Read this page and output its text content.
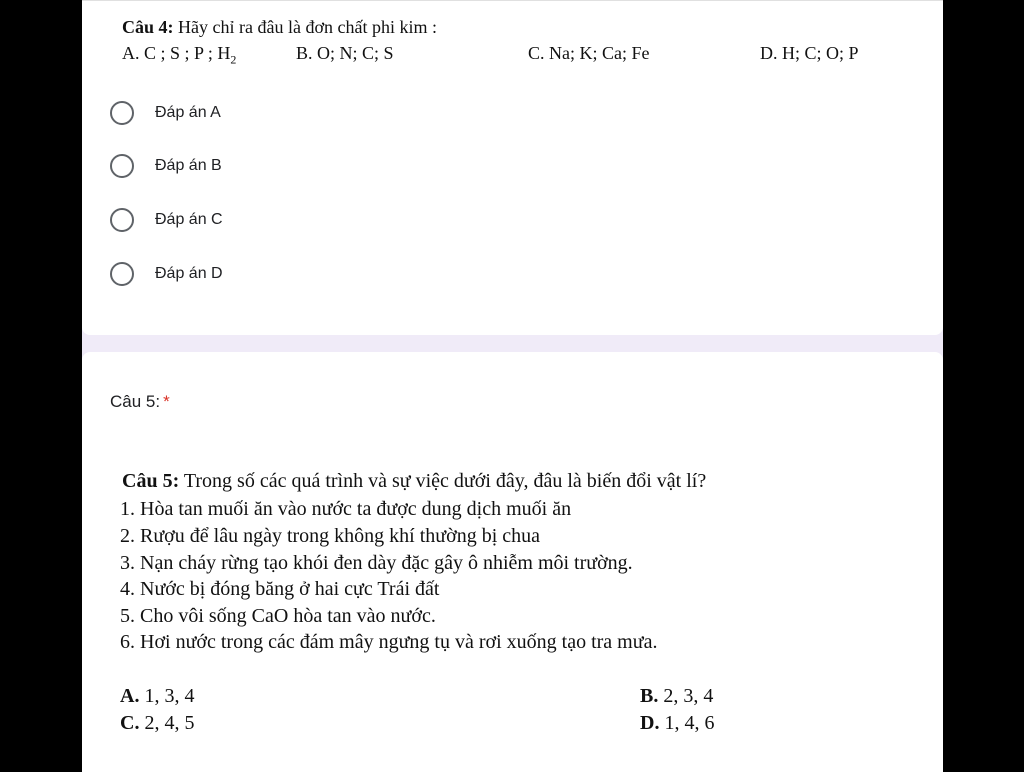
Câu 4: Hãy chỉ ra đâu là đơn chất phi kim :
A. C ; S ; P ; $H_2$	B. O; N; C; S	C. Na; K; Ca; Fe	D. H; C; O; P
Đáp án A
Đáp án B
Đáp án C
Đáp án D
Câu 5: *
Câu 5: Trong số các quá trình và sự việc dưới đây, đâu là biến đổi vật lí?
1. Hòa tan muối ăn vào nước ta được dung dịch muối ăn
2. Rượu để lâu ngày trong không khí thường bị chua
3. Nạn cháy rừng tạo khói đen dày đặc gây ô nhiễm môi trường.
4. Nước bị đóng băng ở hai cực Trái đất
5. Cho vôi sống CaO hòa tan vào nước.
6. Hơi nước trong các đám mây ngưng tụ và rơi xuống tạo tra mưa.
A. 1, 3, 4	B. 2, 3, 4
C. 2, 4, 5	D. 1, 4, 6
